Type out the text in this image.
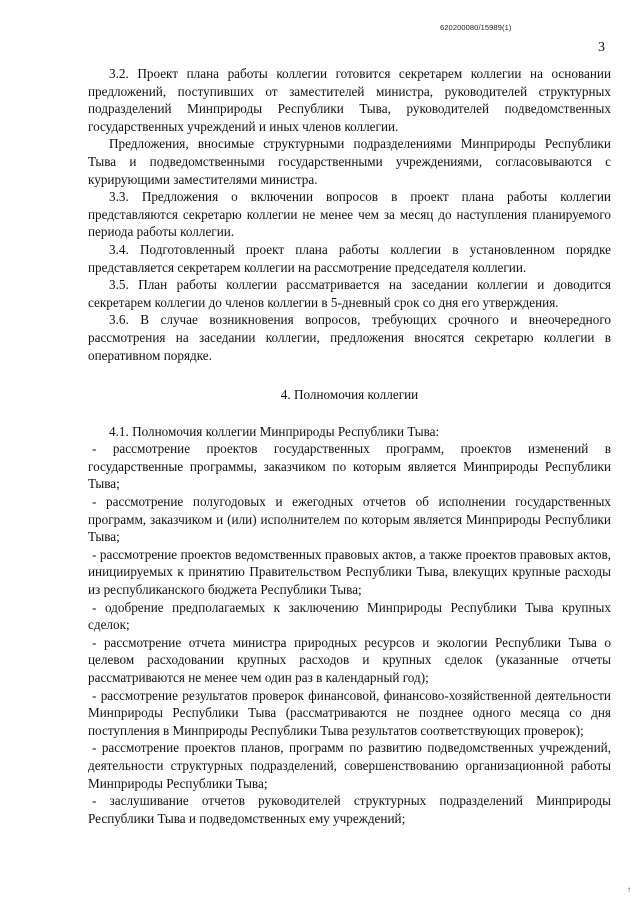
620200080/15989(1)
3

3.2. Проект плана работы коллегии готовится секретарем коллегии на основании предложений, поступивших от заместителей министра, руководителей структурных подразделений Минприроды Республики Тыва, руководителей подведомственных государственных учреждений и иных членов коллегии.

Предложения, вносимые структурными подразделениями Минприроды Республики Тыва и подведомственными государственными учреждениями, согласовываются с курирующими заместителями министра.

3.3. Предложения о включении вопросов в проект плана работы коллегии представляются секретарю коллегии не менее чем за месяц до наступления планируемого периода работы коллегии.

3.4. Подготовленный проект плана работы коллегии в установленном порядке представляется секретарем коллегии на рассмотрение председателя коллегии.

3.5. План работы коллегии рассматривается на заседании коллегии и доводится секретарем коллегии до членов коллегии в 5-дневный срок со дня его утверждения.

3.6. В случае возникновения вопросов, требующих срочного и внеочередного рассмотрения на заседании коллегии, предложения вносятся секретарю коллегии в оперативном порядке.

4. Полномочия коллегии

4.1. Полномочия коллегии Минприроды Республики Тыва:

- рассмотрение проектов государственных программ, проектов изменений в государственные программы, заказчиком по которым является Минприроды Республики Тыва;

- рассмотрение полугодовых и ежегодных отчетов об исполнении государственных программ, заказчиком и (или) исполнителем по которым является Минприроды Республики Тыва;

- рассмотрение проектов ведомственных правовых актов, а также проектов правовых актов, инициируемых к принятию Правительством Республики Тыва, влекущих крупные расходы из республиканского бюджета Республики Тыва;

- одобрение предполагаемых к заключению Минприроды Республики Тыва крупных сделок;

- рассмотрение отчета министра природных ресурсов и экологии Республики Тыва о целевом расходовании крупных расходов и крупных сделок (указанные отчеты рассматриваются не менее чем один раз в календарный год);

- рассмотрение результатов проверок финансовой, финансово-хозяйственной деятельности Минприроды Республики Тыва (рассматриваются не позднее одного месяца со дня поступления в Минприроды Республики Тыва результатов соответствующих проверок);

- рассмотрение проектов планов, программ по развитию подведомственных учреждений, деятельности структурных подразделений, совершенствованию организационной работы Минприроды Республики Тыва;

- заслушивание отчетов руководителей структурных подразделений Минприроды Республики Тыва и подведомственных ему учреждений;

↑
